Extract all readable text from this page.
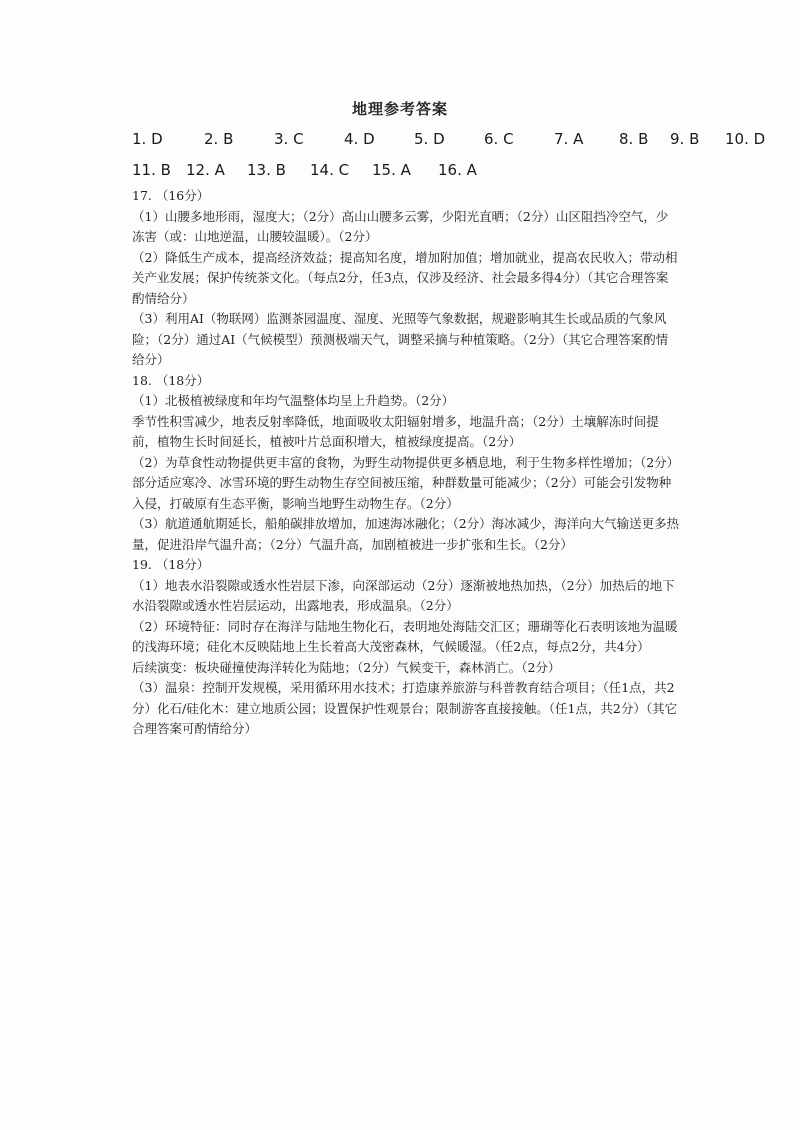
地理参考答案
1. D	2. B	3. C	4. D	5. D	6. C	7. A 8. B 9. B 10. D
11. B 12. A 13. B 14. C 15. A 16. A

17. （16分）

（1）山腰多地形雨，湿度大；（2分）高山山腰多云雾，少阳光直晒；（2分）山区阻挡冷空气，少冻害（或：山地逆温，山腰较温暖）。（2分）

（2）降低生产成本，提高经济效益；提高知名度，增加附加值；增加就业，提高农民收入；带动相关产业发展；保护传统茶文化。（每点2分，任3点，仅涉及经济、社会最多得4分）（其它合理答案酌情给分）

（3）利用AI（物联网）监测茶园温度、湿度、光照等气象数据，规避影响其生长或品质的气象风险；（2分）通过AI（气候模型）预测极端天气，调整采摘与种植策略。（2分）（其它合理答案酌情给分）

18. （18分）

（1）北极植被绿度和年均气温整体均呈上升趋势。（2分）

季节性积雪减少，地表反射率降低，地面吸收太阳辐射增多，地温升高；（2分）土壤解冻时间提前，植物生长时间延长，植被叶片总面积增大，植被绿度提高。（2分）

（2）为草食性动物提供更丰富的食物，为野生动物提供更多栖息地，利于生物多样性增加；（2分）部分适应寒冷、冰雪环境的野生动物生存空间被压缩，种群数量可能减少；（2分）可能会引发物种入侵，打破原有生态平衡，影响当地野生动物生存。（2分）

（3）航道通航期延长，船舶碳排放增加，加速海冰融化；（2分）海冰减少，海洋向大气输送更多热量，促进沿岸气温升高；（2分）气温升高，加剧植被进一步扩张和生长。（2分）

19. （18分）

（1）地表水沿裂隙或透水性岩层下渗，向深部运动（2分）逐渐被地热加热，（2分）加热后的地下水沿裂隙或透水性岩层运动，出露地表，形成温泉。（2分）

（2）环境特征：同时存在海洋与陆地生物化石，表明地处海陆交汇区；珊瑚等化石表明该地为温暖的浅海环境；硅化木反映陆地上生长着高大茂密森林，气候暖湿。（任2点，每点2分，共4分）

后续演变：板块碰撞使海洋转化为陆地；（2分）气候变干，森林消亡。（2分）

（3）温泉：控制开发规模，采用循环用水技术；打造康养旅游与科普教育结合项目；（任1点，共2分）化石/硅化木：建立地质公园；设置保护性观景台；限制游客直接接触。（任1点，共2分）（其它合理答案可酌情给分）
